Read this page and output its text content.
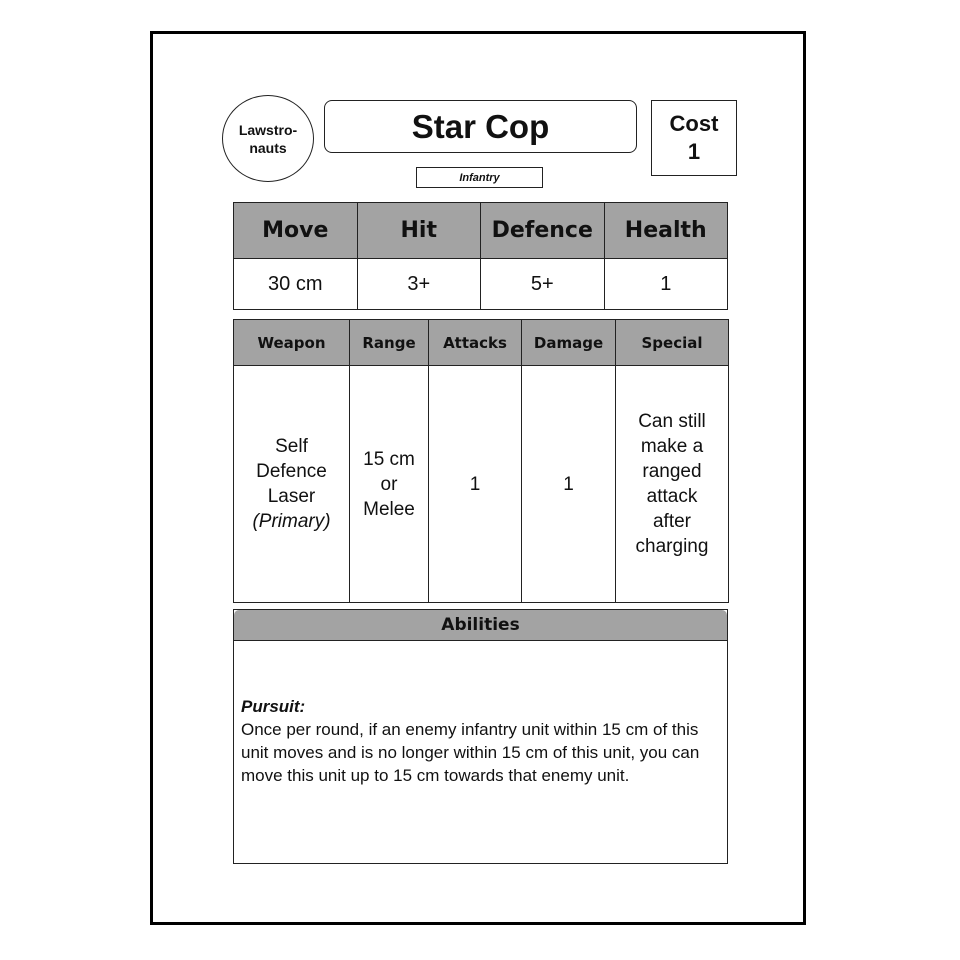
Lawstro-
nauts
Star Cop
Infantry
Cost
1
Move	Hit	Defence	Health
30 cm	3+	5+	1
Weapon	Range	Attacks	Damage	Special

Self Defence Laser
(Primary)	15 cm or Melee	1	1	Can still make a ranged attack after charging
Abilities
Pursuit:
Once per round, if an enemy infantry unit within 15 cm of this unit moves and is no longer within 15 cm of this unit, you can move this unit up to 15 cm towards that enemy unit.
